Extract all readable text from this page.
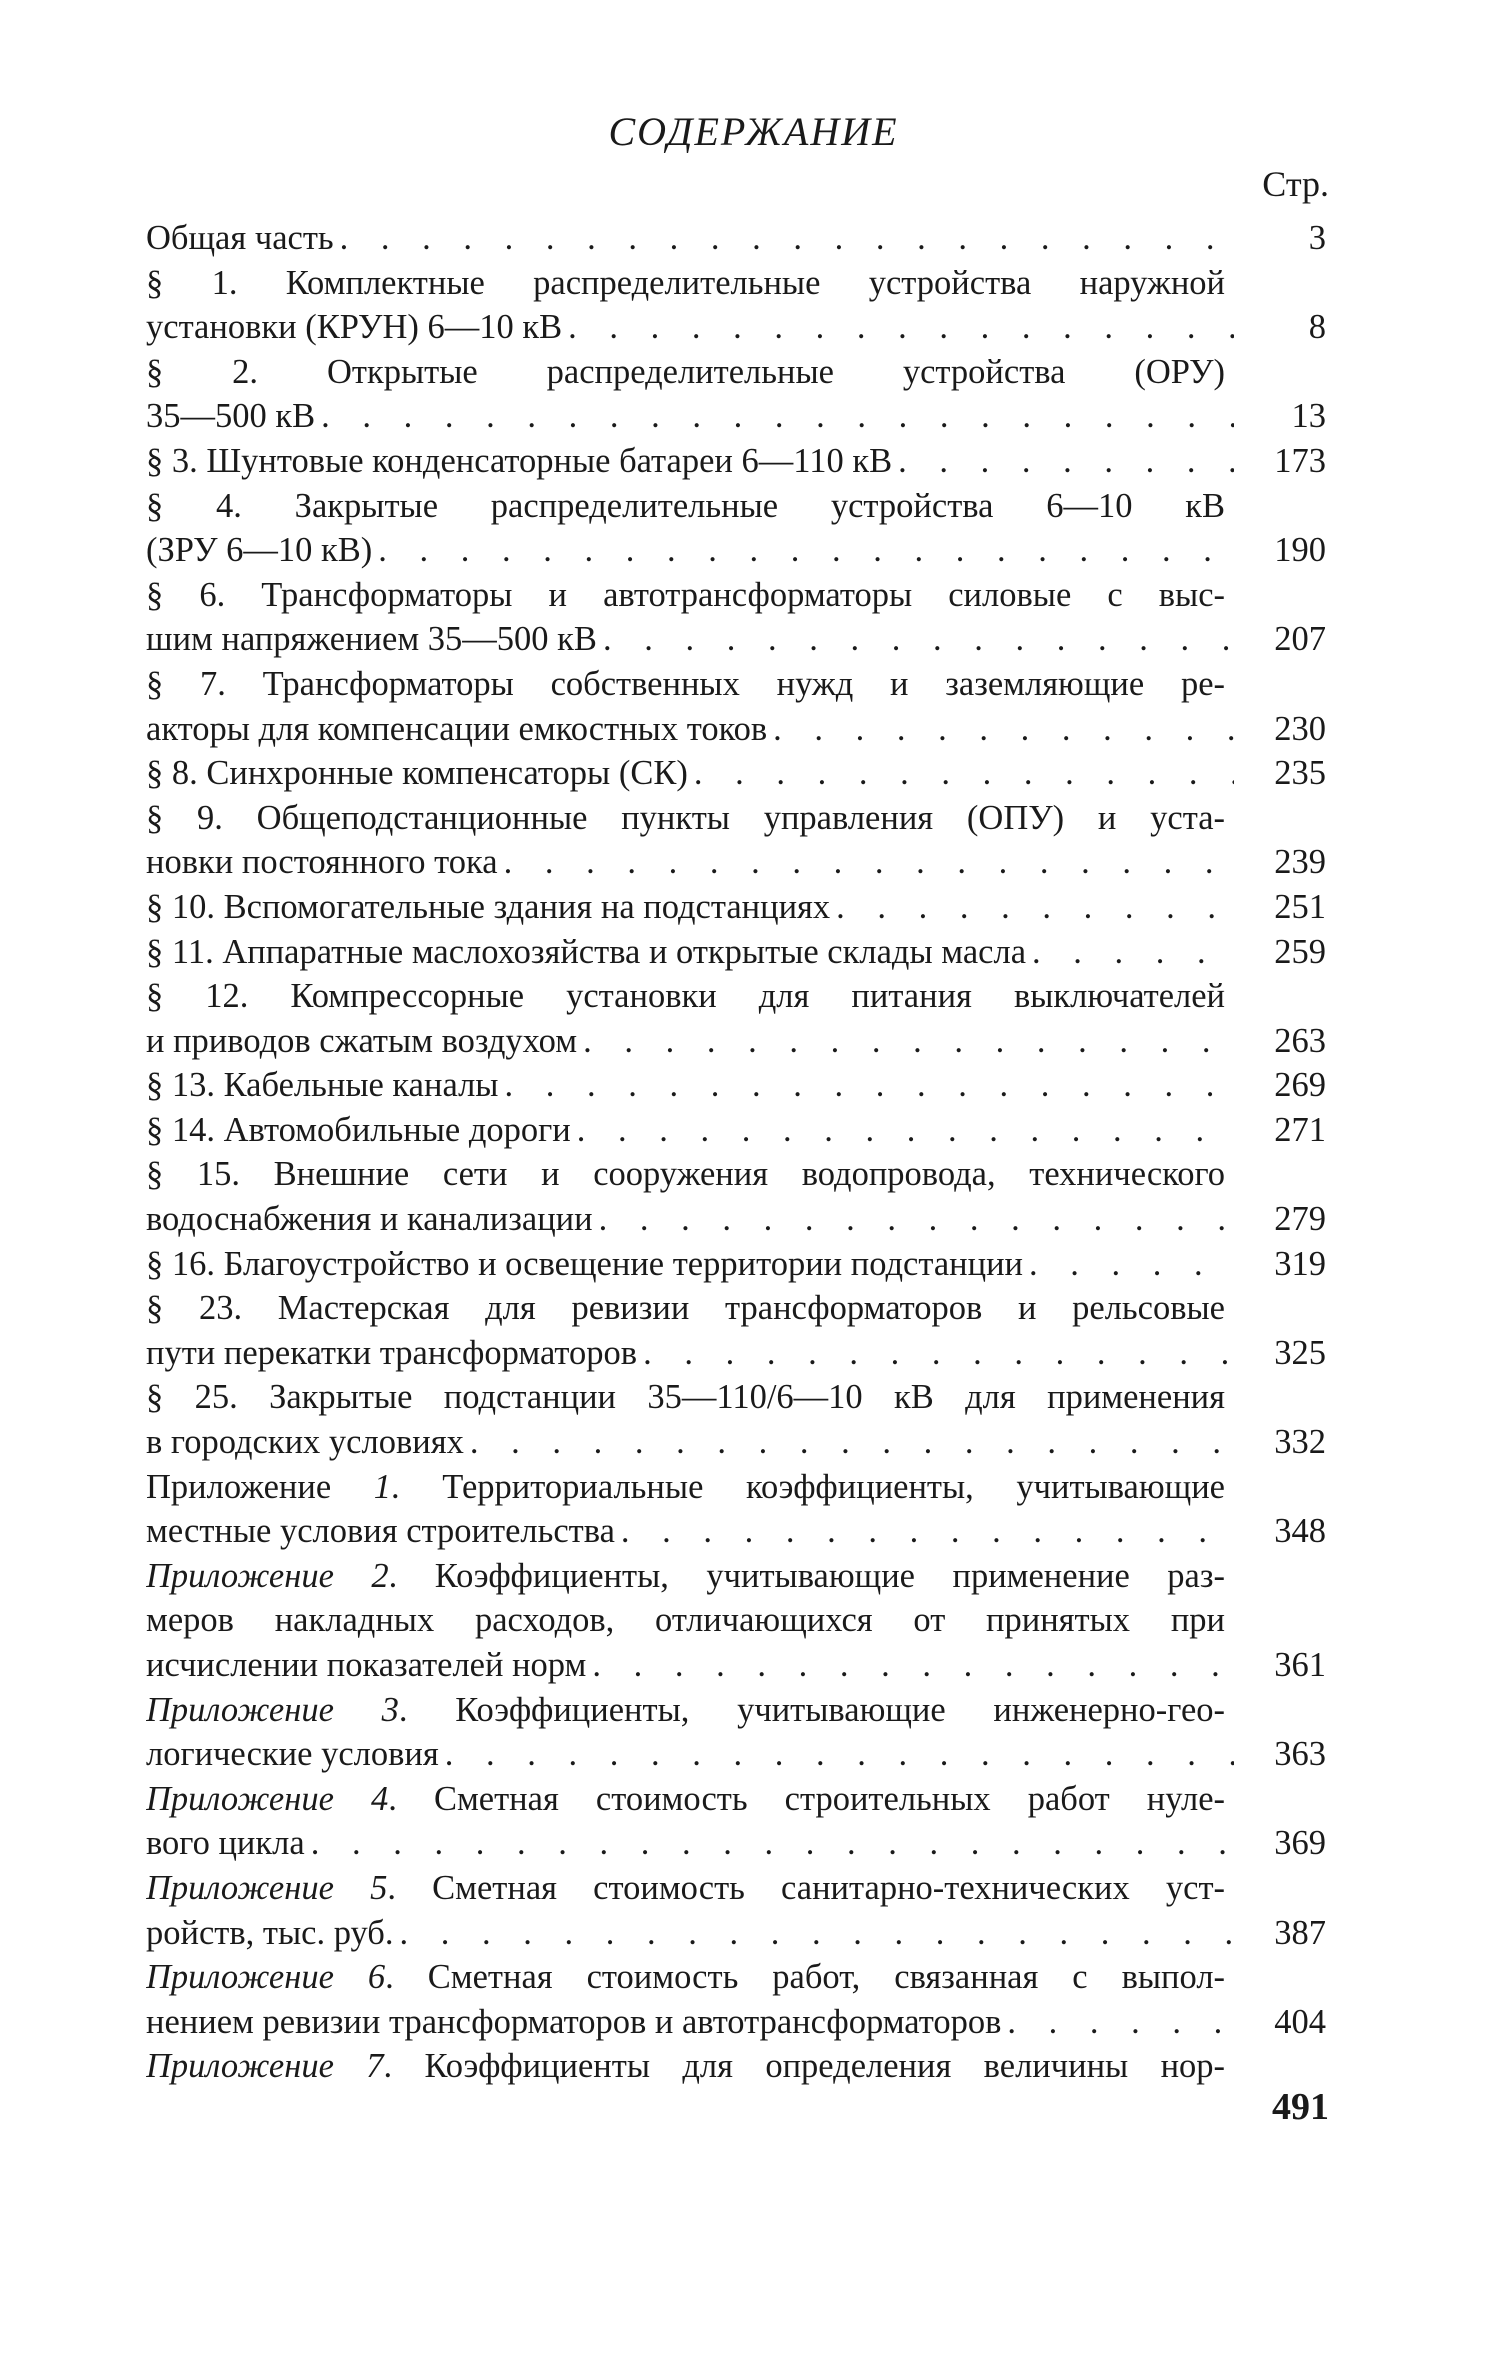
СОДЕРЖАНИЕ
Стр.
Общая часть . . .	3
§ 1. Комплектные распределительные устройства наружной
установки (КРУН) 6—10 кВ . . .	8
§ 2. Открытые распределительные устройства (ОРУ)
35—500 кВ . . .	13
§ 3. Шунтовые конденсаторные батареи 6—110 кВ . . .	173
§ 4. Закрытые распределительные устройства 6—10 кВ
(ЗРУ 6—10 кВ) . . .	190
§ 6. Трансформаторы и автотрансформаторы силовые с выс-
шим напряжением 35—500 кВ . . .	207
§ 7. Трансформаторы собственных нужд и заземляющие ре-
акторы для компенсации емкостных токов . . .	230
§ 8. Синхронные компенсаторы (СК) . . .	235
§ 9. Общеподстанционные пункты управления (ОПУ) и уста-
новки постоянного тока . . .	239
§ 10. Вспомогательные здания на подстанциях . . .	251
§ 11. Аппаратные маслохозяйства и открытые склады масла . . .	259
§ 12. Компрессорные установки для питания выключателей
и приводов сжатым воздухом . . .	263
§ 13. Кабельные каналы . . .	269
§ 14. Автомобильные дороги . . .	271
§ 15. Внешние сети и сооружения водопровода, технического
водоснабжения и канализации . . .	279
§ 16. Благоустройство и освещение территории подстанции . . .	319
§ 23. Мастерская для ревизии трансформаторов и рельсовые
пути перекатки трансформаторов . . .	325
§ 25. Закрытые подстанции 35—110/6—10 кВ для применения
в городских условиях . . .	332
Приложение 1. Территориальные коэффициенты, учитывающие
местные условия строительства . . .	348
Приложение 2. Коэффициенты, учитывающие применение раз-
меров накладных расходов, отличающихся от принятых при
исчислении показателей норм . . .	361
Приложение 3. Коэффициенты, учитывающие инженерно-гео-
логические условия . . .	363
Приложение 4. Сметная стоимость строительных работ нуле-
вого цикла . . .	369
Приложение 5. Сметная стоимость санитарно-технических уст-
ройств, тыс. руб. . . .	387
Приложение 6. Сметная стоимость работ, связанная с выпол-
нением ревизии трансформаторов и автотрансформаторов . . .	404
Приложение 7. Коэффициенты для определения величины нор-
491
